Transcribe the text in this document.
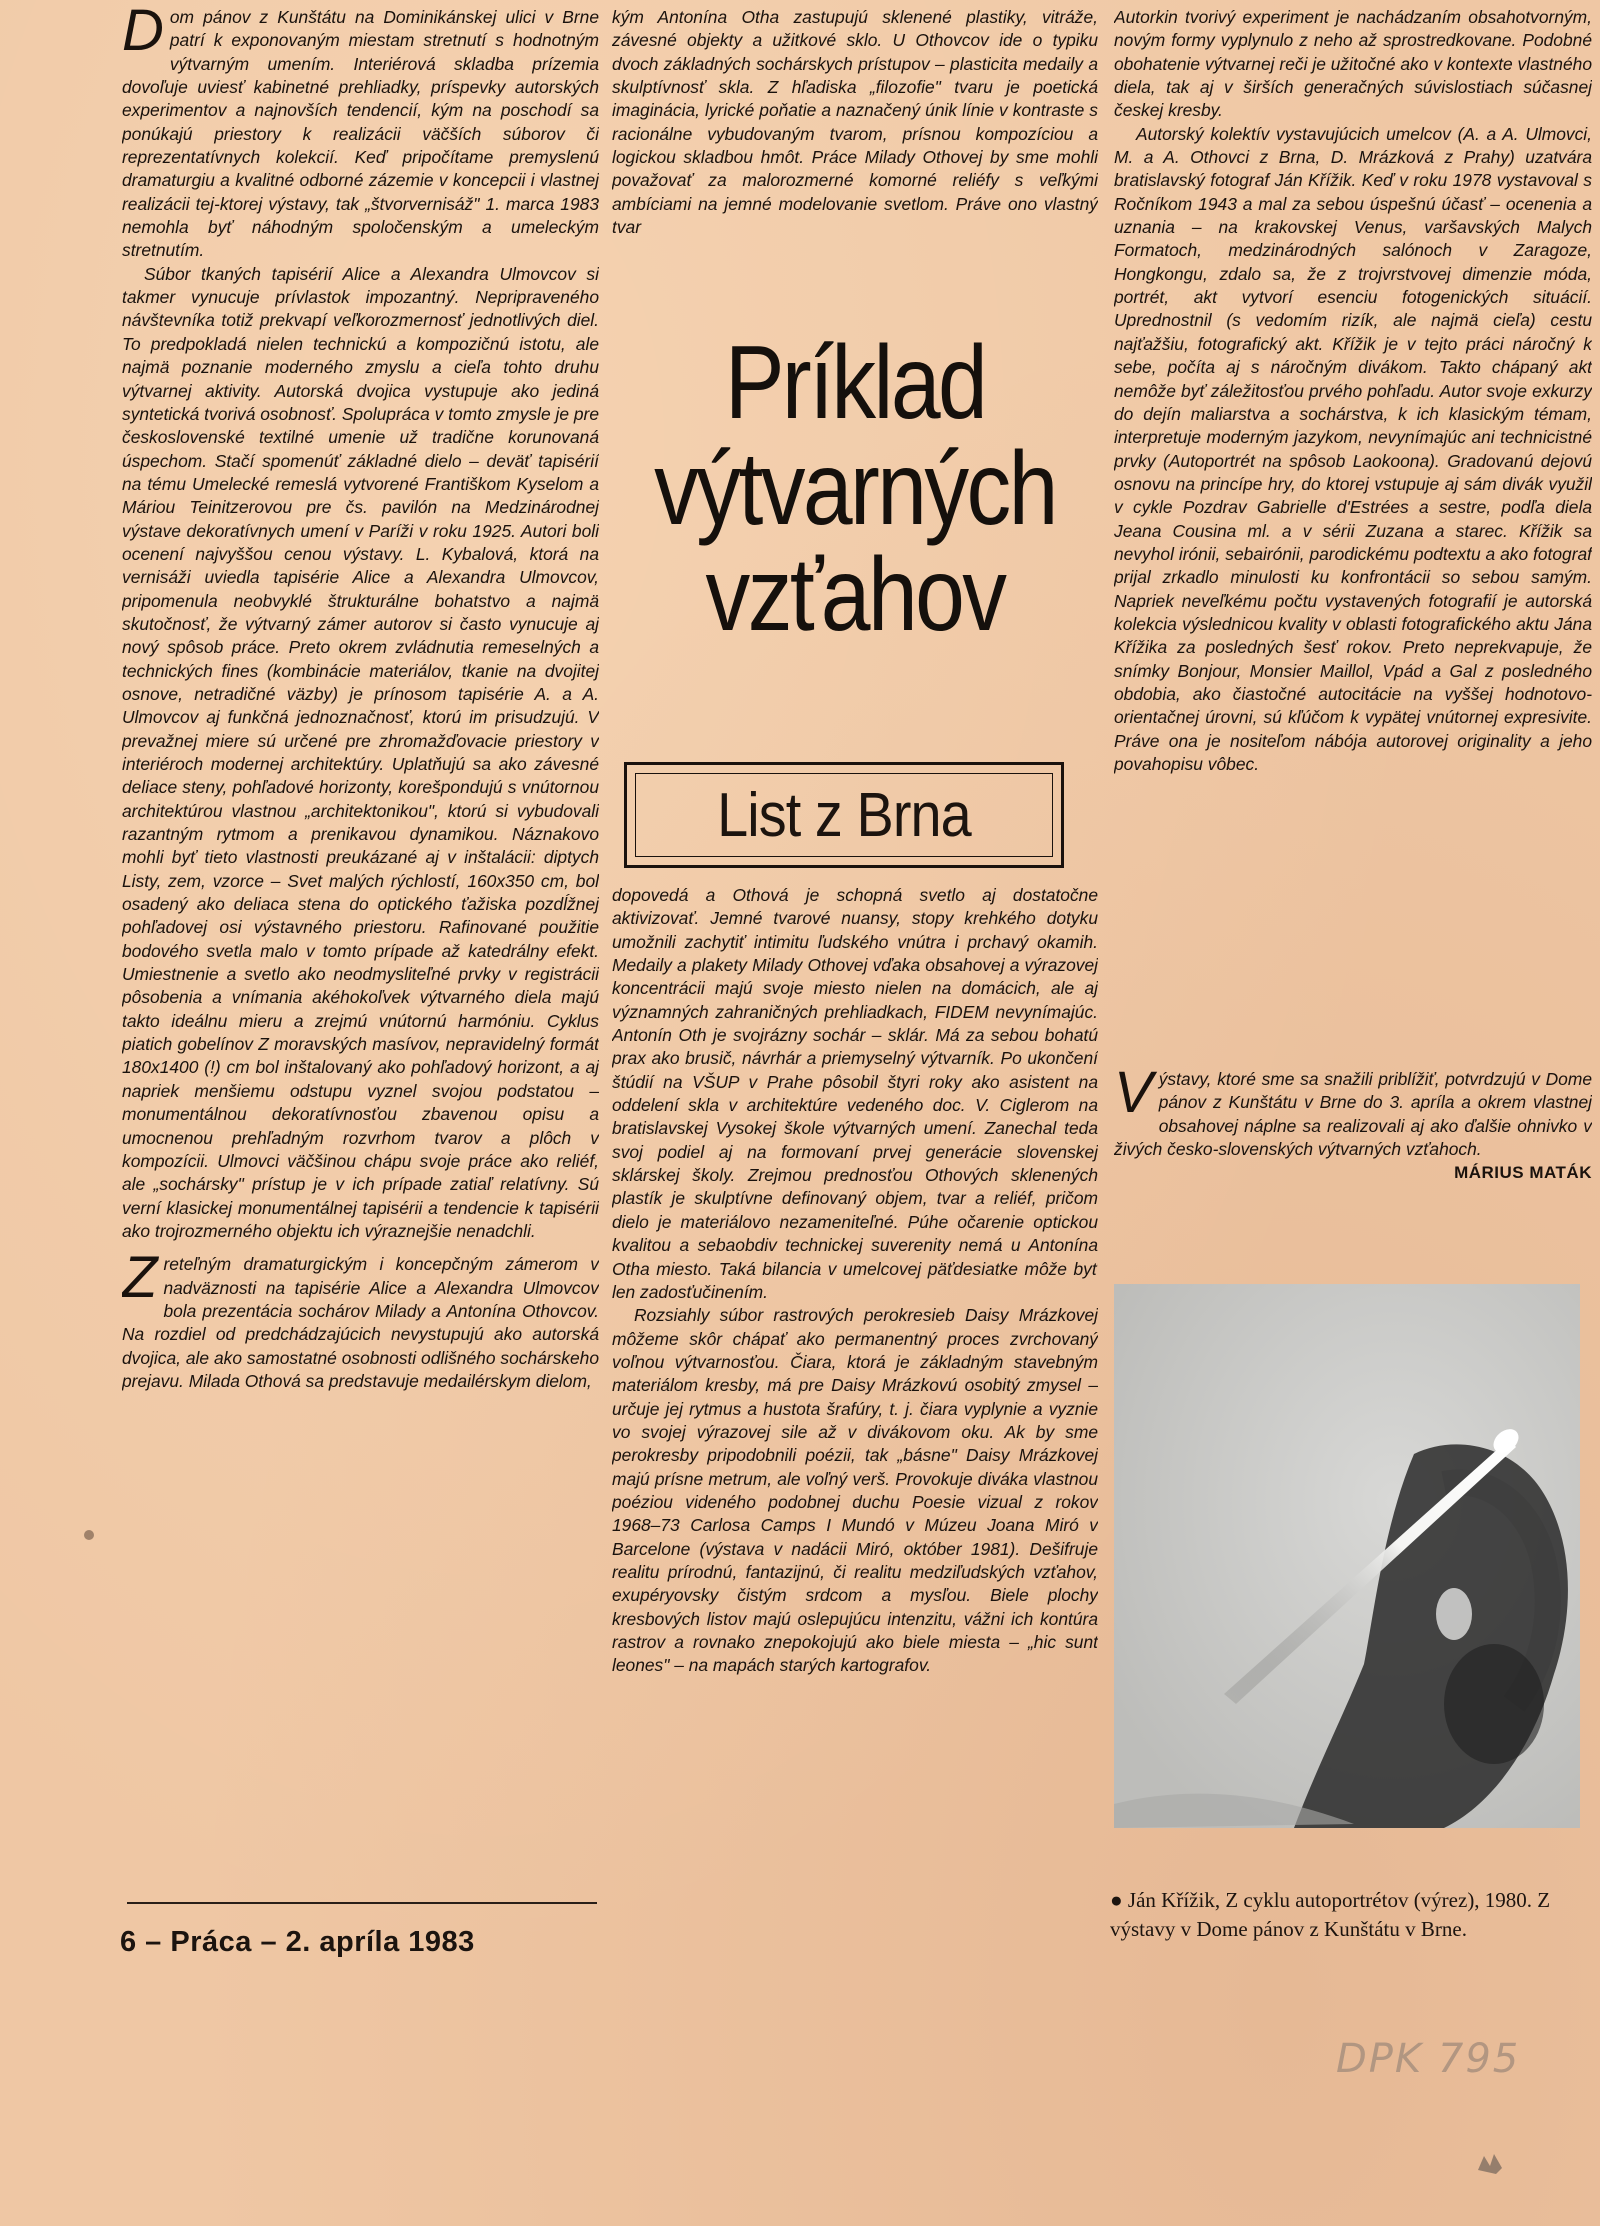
Dom pánov z Kunštátu na Dominikánskej ulici v Brne patrí k exponovaným miestam stretnutí s hodnotným výtvarným umením. Interiérová skladba prízemia dovoľuje uviesť kabinetné prehliadky, príspevky autorských experimentov a najnovších tendencií, kým na poschodí sa ponúkajú priestory k realizácii väčších súborov či reprezentatívnych kolekcií. Keď pripočítame premyslenú dramaturgiu a kvalitné odborné zázemie v koncepcii i vlastnej realizácii tej-ktorej výstavy, tak „štvorvernisáž" 1. marca 1983 nemohla byť náhodným spoločenským a umeleckým stretnutím.

Súbor tkaných tapisérií Alice a Alexandra Ulmovcov si takmer vynucuje prívlastok impozantný. Nepripraveného návštevníka totiž prekvapí veľkorozmernosť jednotlivých diel. To predpokladá nielen technickú a kompozičnú istotu, ale najmä poznanie moderného zmyslu a cieľa tohto druhu výtvarnej aktivity. Autorská dvojica vystupuje ako jediná syntetická tvorivá osobnosť. Spolupráca v tomto zmysle je pre československé textilné umenie už tradične korunovaná úspechom. Stačí spomenúť základné dielo – deväť tapisérií na tému Umelecké remeslá vytvorené Františkom Kyselom a Máriou Teinitzerovou pre čs. pavilón na Medzinárodnej výstave dekoratívnych umení v Paríži v roku 1925. Autori boli ocenení najvyššou cenou výstavy. L. Kybalová, ktorá na vernisáži uviedla tapisérie Alice a Alexandra Ulmovcov, pripomenula neobvyklé štrukturálne bohatstvo a najmä skutočnosť, že výtvarný zámer autorov si často vynucuje aj nový spôsob práce. Preto okrem zvládnutia remeselných a technických fines (kombinácie materiálov, tkanie na dvojitej osnove, netradičné väzby) je prínosom tapisérie A. a A. Ulmovcov aj funkčná jednoznačnosť, ktorú im prisudzujú. V prevažnej miere sú určené pre zhromažďovacie priestory v interiéroch modernej architektúry. Uplatňujú sa ako závesné deliace steny, pohľadové horizonty, korešpondujú s vnútornou architektúrou vlastnou „architektonikou", ktorú si vybudovali razantným rytmom a prenikavou dynamikou. Náznakovo mohli byť tieto vlastnosti preukázané aj v inštalácii: diptych Listy, zem, vzorce – Svet malých rýchlostí, 160x350 cm, bol osadený ako deliaca stena do optického ťažiska pozdĺžnej pohľadovej osi výstavného priestoru. Rafinované použitie bodového svetla malo v tomto prípade až katedrálny efekt. Umiestnenie a svetlo ako neodmysliteľné prvky v registrácii pôsobenia a vnímania akéhokoľvek výtvarného diela majú takto ideálnu mieru a zrejmú vnútornú harmóniu. Cyklus piatich gobelínov Z moravských masívov, nepravidelný formát 180x1400 (!) cm bol inštalovaný ako pohľadový horizont, a aj napriek menšiemu odstupu vyznel svojou podstatou – monumentálnou dekoratívnosťou zbavenou opisu a umocnenou prehľadným rozvrhom tvarov a plôch v kompozícii. Ulmovci väčšinou chápu svoje práce ako reliéf, ale „sochársky" prístup je v ich prípade zatiaľ relatívny. Sú verní klasickej monumentálnej tapisérii a tendencie k tapisérii ako trojrozmerného objektu ich výraznejšie nenadchli.

Zreteľným dramaturgickým i koncepčným zámerom v nadväznosti na tapisérie Alice a Alexandra Ulmovcov bola prezentácia sochárov Milady a Antonína Othovcov. Na rozdiel od predchádzajúcich nevystupujú ako autorská dvojica, ale ako samostatné osobnosti odlišného sochárskeho prejavu. Milada Othová sa predstavuje medailérskym dielom,

kým Antonína Otha zastupujú sklenené plastiky, vitráže, závesné objekty a užitkové sklo. U Othovcov ide o typiku dvoch základných sochárskych prístupov – plasticita medaily a skulptívnosť skla. Z hľadiska „filozofie" tvaru je poetická imaginácia, lyrické poňatie a naznačený únik línie v kontraste s racionálne vybudovaným tvarom, prísnou kompozíciou a logickou skladbou hmôt. Práce Milady Othovej by sme mohli považovať za malorozmerné komorné reliéfy s veľkými ambíciami na jemné modelovanie svetlom. Práve ono vlastný tvar

Príklad
výtvarných
vzťahov
List z Brna

dopovedá a Othová je schopná svetlo aj dostatočne aktivizovať. Jemné tvarové nuansy, stopy krehkého dotyku umožnili zachytiť intimitu ľudského vnútra i prchavý okamih. Medaily a plakety Milady Othovej vďaka obsahovej a výrazovej koncentrácii majú svoje miesto nielen na domácich, ale aj významných zahraničných prehliadkach, FIDEM nevynímajúc. Antonín Oth je svojrázny sochár – sklár. Má za sebou bohatú prax ako brusič, návrhár a priemyselný výtvarník. Po ukončení štúdií na VŠUP v Prahe pôsobil štyri roky ako asistent na oddelení skla v architektúre vedeného doc. V. Ciglerom na bratislavskej Vysokej škole výtvarných umení. Zanechal teda svoj podiel aj na formovaní prvej generácie slovenskej sklárskej školy. Zrejmou prednosťou Othových sklenených plastík je skulptívne definovaný objem, tvar a reliéf, pričom dielo je materiálovo nezameniteľné. Púhe očarenie optickou kvalitou a sebaobdiv technickej suverenity nemá u Antonína Otha miesto. Taká bilancia v umelcovej päťdesiatke môže byť len zadosťučinením.

Rozsiahly súbor rastrových perokresieb Daisy Mrázkovej môžeme skôr chápať ako permanentný proces zvrchovaný voľnou výtvarnosťou. Čiara, ktorá je základným stavebným materiálom kresby, má pre Daisy Mrázkovú osobitý zmysel – určuje jej rytmus a hustota šrafúry, t. j. čiara vyplynie a vyznie vo svojej výrazovej sile až v divákovom oku. Ak by sme perokresby pripodobnili poézii, tak „básne" Daisy Mrázkovej majú prísne metrum, ale voľný verš. Provokuje diváka vlastnou poéziou videného podobnej duchu Poesie vizual z rokov 1968–73 Carlosa Camps I Mundó v Múzeu Joana Miró v Barcelone (výstava v nadácii Miró, október 1981). Dešifruje realitu prírodnú, fantazijnú, či realitu medziľudských vzťahov, exupéryovsky čistým srdcom a mysľou. Biele plochy kresbových listov majú oslepujúcu intenzitu, vážni ich kontúra rastrov a rovnako znepokojujú ako biele miesta – „hic sunt leones" – na mapách starých kartografov.

Autorkin tvorivý experiment je nachádzaním obsahotvorným, novým formy vyplynulo z neho až sprostredkovane. Podobné obohatenie výtvarnej reči je užitočné ako v kontexte vlastného diela, tak aj v širších generačných súvislostiach súčasnej českej kresby.

Autorský kolektív vystavujúcich umelcov (A. a A. Ulmovci, M. a A. Othovci z Brna, D. Mrázková z Prahy) uzatvára bratislavský fotograf Ján Křížik. Keď v roku 1978 vystavoval s Ročníkom 1943 a mal za sebou úspešnú účasť – ocenenia a uznania – na krakovskej Venus, varšavských Malych Formatoch, medzinárodných salónoch v Zaragoze, Hongkongu, zdalo sa, že z trojvrstvovej dimenzie móda, portrét, akt vytvorí esenciu fotogenických situácií. Uprednostnil (s vedomím rizík, ale najmä cieľa) cestu najťažšiu, fotografický akt. Křížik je v tejto práci náročný k sebe, počíta aj s náročným divákom. Takto chápaný akt nemôže byť záležitosťou prvého pohľadu. Autor svoje exkurzy do dejín maliarstva a sochárstva, k ich klasickým témam, interpretuje moderným jazykom, nevynímajúc ani technicistné prvky (Autoportrét na spôsob Laokoona). Gradovanú dejovú osnovu na princípe hry, do ktorej vstupuje aj sám divák využil v cykle Pozdrav Gabrielle d'Estrées a sestre, podľa diela Jeana Cousina ml. a v sérii Zuzana a starec. Křížik sa nevyhol irónii, sebairónii, parodickému podtextu a ako fotograf prijal zrkadlo minulosti ku konfrontácii so sebou samým. Napriek neveľkému počtu vystavených fotografií je autorská kolekcia výslednicou kvality v oblasti fotografického aktu Jána Křížika za posledných šesť rokov. Preto neprekvapuje, že snímky Bonjour, Monsier Maillol, Vpád a Gal z posledného obdobia, ako čiastočné autocitácie na vyššej hodnotovo-orientačnej úrovni, sú kľúčom k vypätej vnútornej expresivite. Práve ona je nositeľom nábója autorovej originality a jeho povahopisu vôbec.

Výstavy, ktoré sme sa snažili priblížiť, potvrdzujú v Dome pánov z Kunštátu v Brne do 3. apríla a okrem vlastnej obsahovej náplne sa realizovali aj ako ďalšie ohnivko v živých česko-slovenských výtvarných vzťahoch.

MÁRIUS MATÁK
6 – Práca – 2. apríla 1983
● Ján Křížik, Z cyklu autoportrétov (výrez), 1980. Z výstavy v Dome pánov z Kunštátu v Brne.
DPK 795
